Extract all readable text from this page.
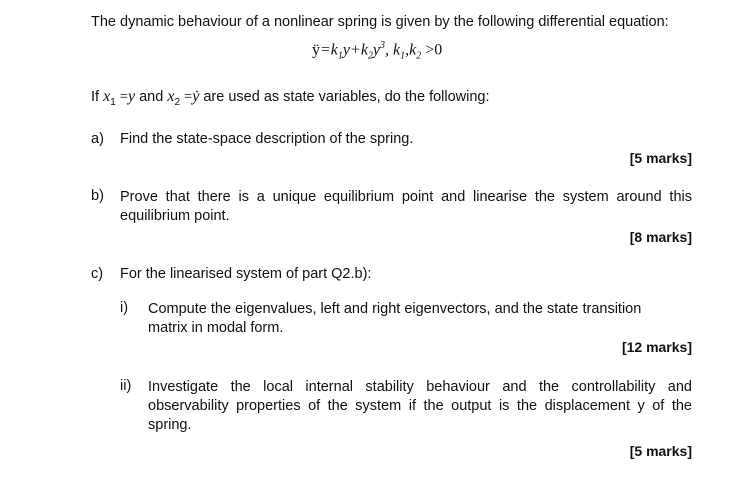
The dynamic behaviour of a nonlinear spring is given by the following differential equation:
$ÿ=k_1y+k_2y^3$, $k_1,k_2 >0$
If $x_1 =y$ and $x_2$ =ẏ are used as state variables, do the following:
a) Find the state-space description of the spring.
[5 marks]
b) Prove that there is a unique equilibrium point and linearise the system around this equilibrium point.
[8 marks]
c) For the linearised system of part Q2.b):
i) Compute the eigenvalues, left and right eigenvectors, and the state transition matrix in modal form.
[12 marks]
ii) Investigate the local internal stability behaviour and the controllability and observability properties of the system if the output is the displacement y of the spring.
[5 marks]
